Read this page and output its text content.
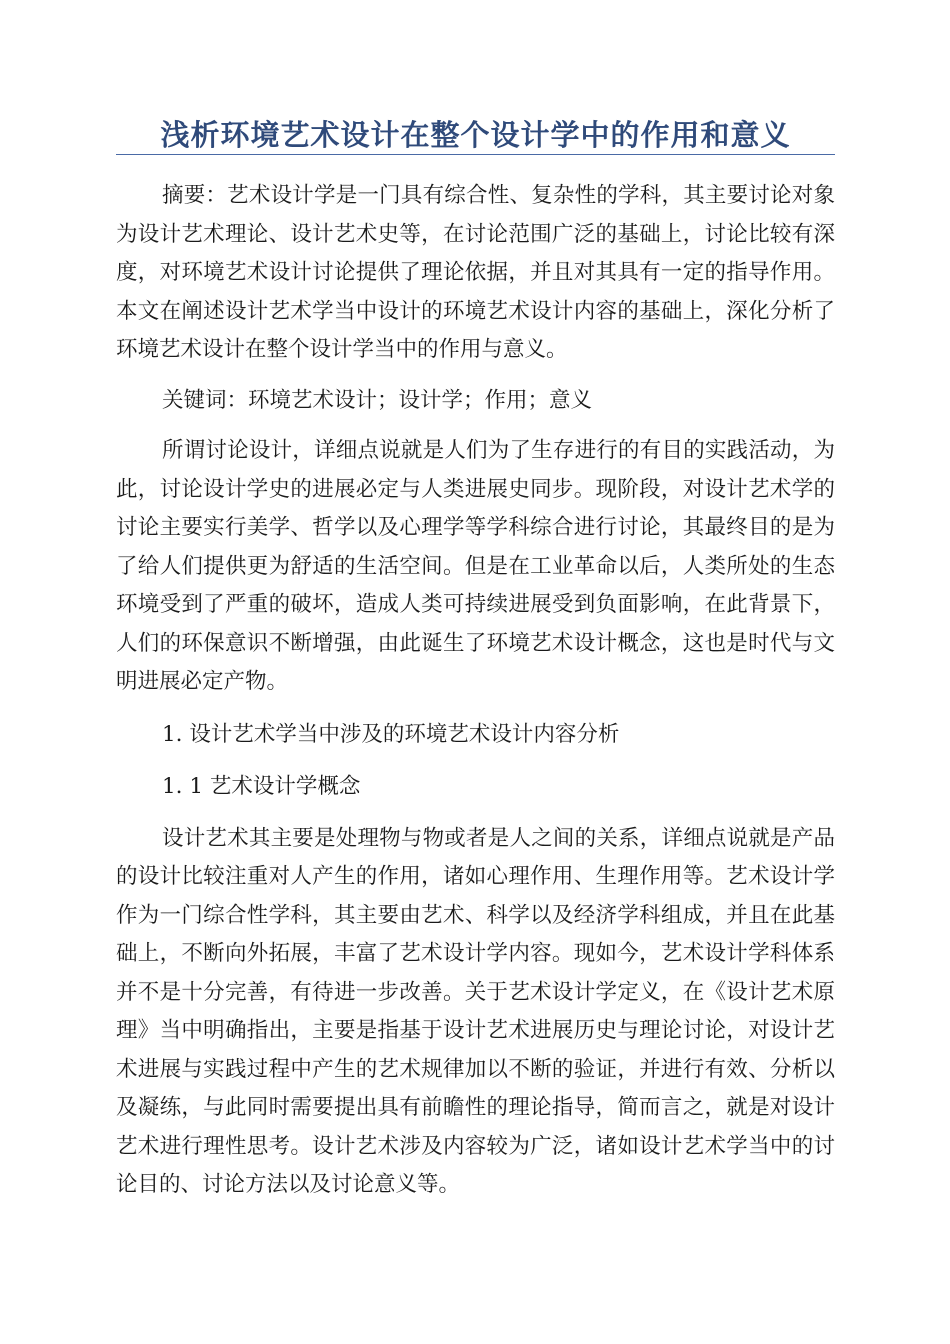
浅析环境艺术设计在整个设计学中的作用和意义

摘要：艺术设计学是一门具有综合性、复杂性的学科，其主要讨论对象为设计艺术理论、设计艺术史等，在讨论范围广泛的基础上，讨论比较有深度，对环境艺术设计讨论提供了理论依据，并且对其具有一定的指导作用。本文在阐述设计艺术学当中设计的环境艺术设计内容的基础上，深化分析了环境艺术设计在整个设计学当中的作用与意义。

关键词：环境艺术设计；设计学；作用；意义

所谓讨论设计，详细点说就是人们为了生存进行的有目的实践活动，为此，讨论设计学史的进展必定与人类进展史同步。现阶段，对设计艺术学的讨论主要实行美学、哲学以及心理学等学科综合进行讨论，其最终目的是为了给人们提供更为舒适的生活空间。但是在工业革命以后，人类所处的生态环境受到了严重的破坏，造成人类可持续进展受到负面影响，在此背景下，人们的环保意识不断增强，由此诞生了环境艺术设计概念，这也是时代与文明进展必定产物。

1. 设计艺术学当中涉及的环境艺术设计内容分析

1. 1 艺术设计学概念

设计艺术其主要是处理物与物或者是人之间的关系，详细点说就是产品的设计比较注重对人产生的作用，诸如心理作用、生理作用等。艺术设计学作为一门综合性学科，其主要由艺术、科学以及经济学科组成，并且在此基础上，不断向外拓展，丰富了艺术设计学内容。现如今，艺术设计学科体系并不是十分完善，有待进一步改善。关于艺术设计学定义，在《设计艺术原理》当中明确指出，主要是指基于设计艺术进展历史与理论讨论，对设计艺术进展与实践过程中产生的艺术规律加以不断的验证，并进行有效、分析以及凝练，与此同时需要提出具有前瞻性的理论指导，简而言之，就是对设计艺术进行理性思考。设计艺术涉及内容较为广泛，诸如设计艺术学当中的讨论目的、讨论方法以及讨论意义等。
